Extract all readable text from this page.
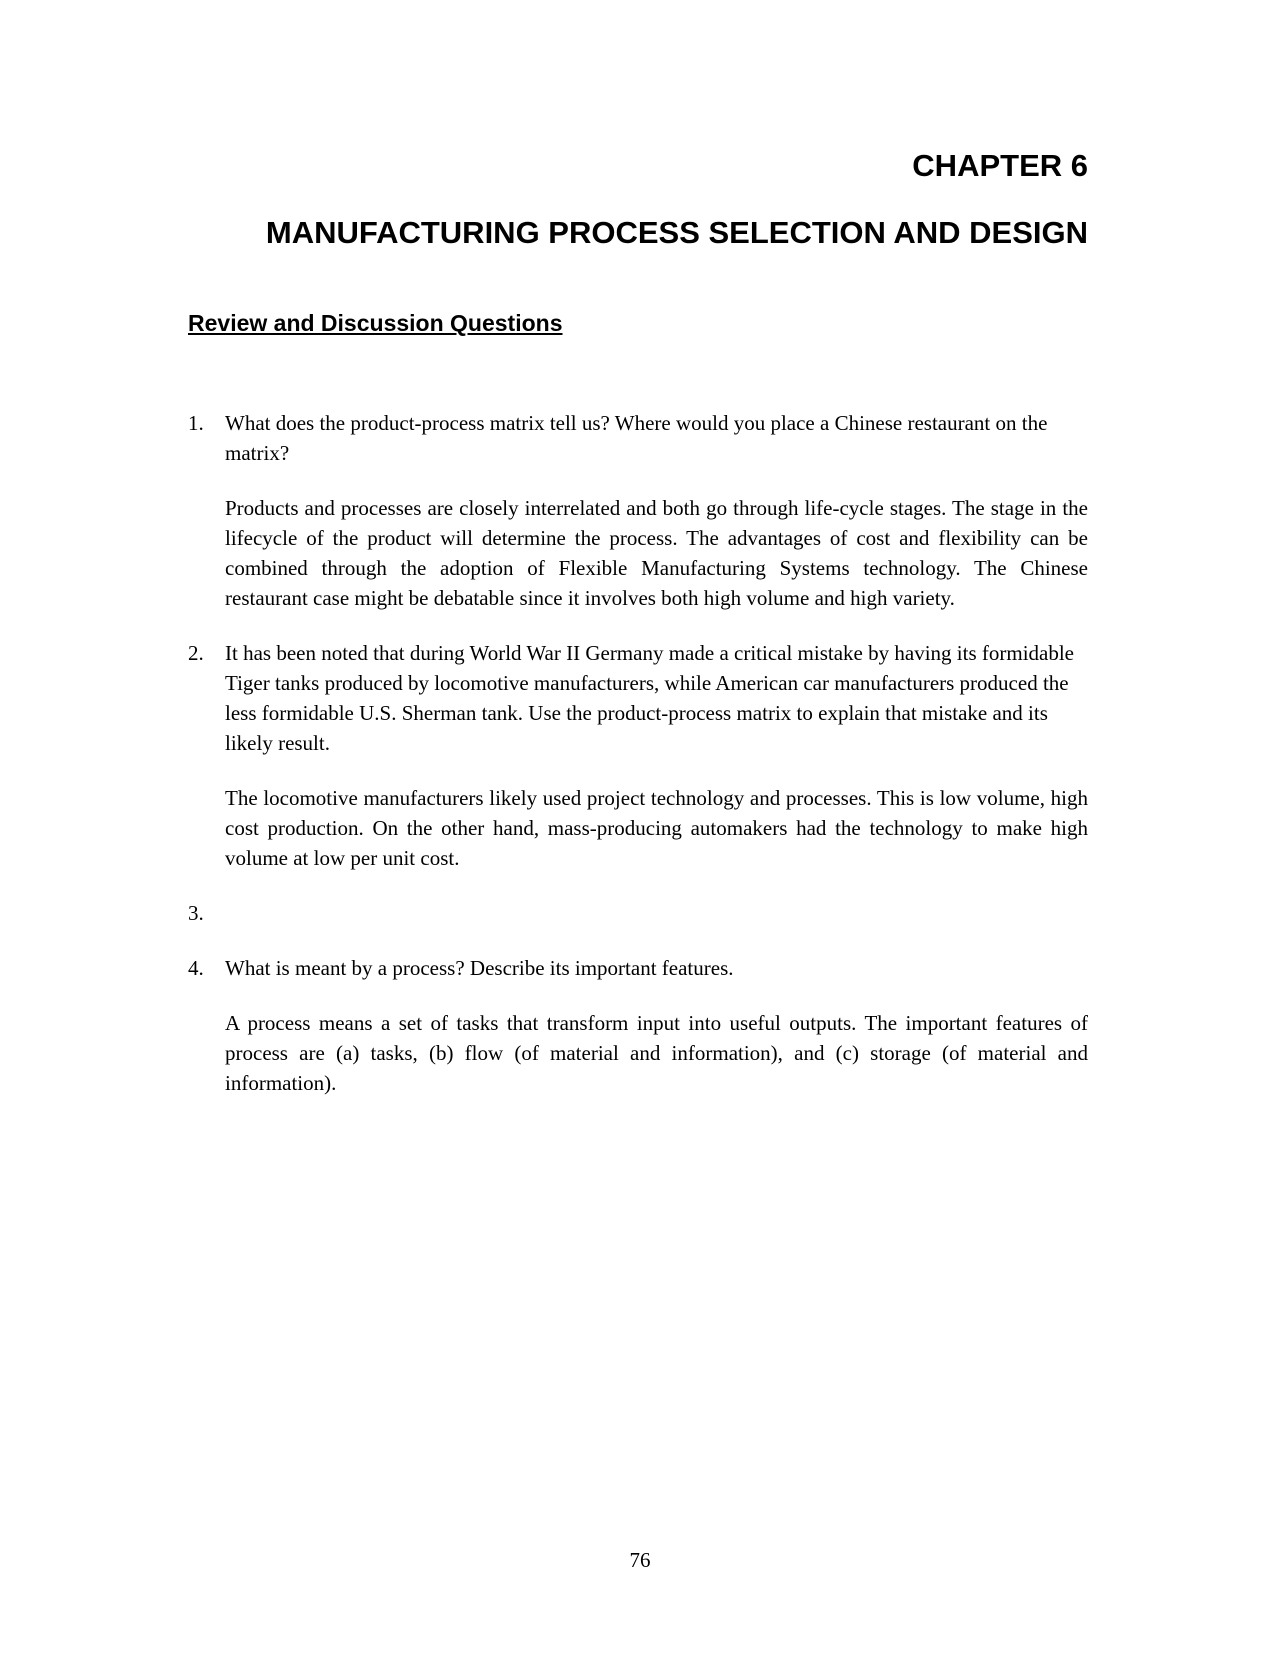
CHAPTER 6
MANUFACTURING PROCESS SELECTION AND DESIGN
Review and Discussion Questions
1.	What does the product-process matrix tell us? Where would you place a Chinese restaurant on the matrix?

Products and processes are closely interrelated and both go through life-cycle stages. The stage in the lifecycle of the product will determine the process. The advantages of cost and flexibility can be combined through the adoption of Flexible Manufacturing Systems technology. The Chinese restaurant case might be debatable since it involves both high volume and high variety.

2.	It has been noted that during World War II Germany made a critical mistake by having its formidable Tiger tanks produced by locomotive manufacturers, while American car manufacturers produced the less formidable U.S. Sherman tank. Use the product-process matrix to explain that mistake and its likely result.

The locomotive manufacturers likely used project technology and processes. This is low volume, high cost production. On the other hand, mass-producing automakers had the technology to make high volume at low per unit cost.

3.
4.	What is meant by a process? Describe its important features.

A process means a set of tasks that transform input into useful outputs. The important features of process are (a) tasks, (b) flow (of material and information), and (c) storage (of material and information).

76
